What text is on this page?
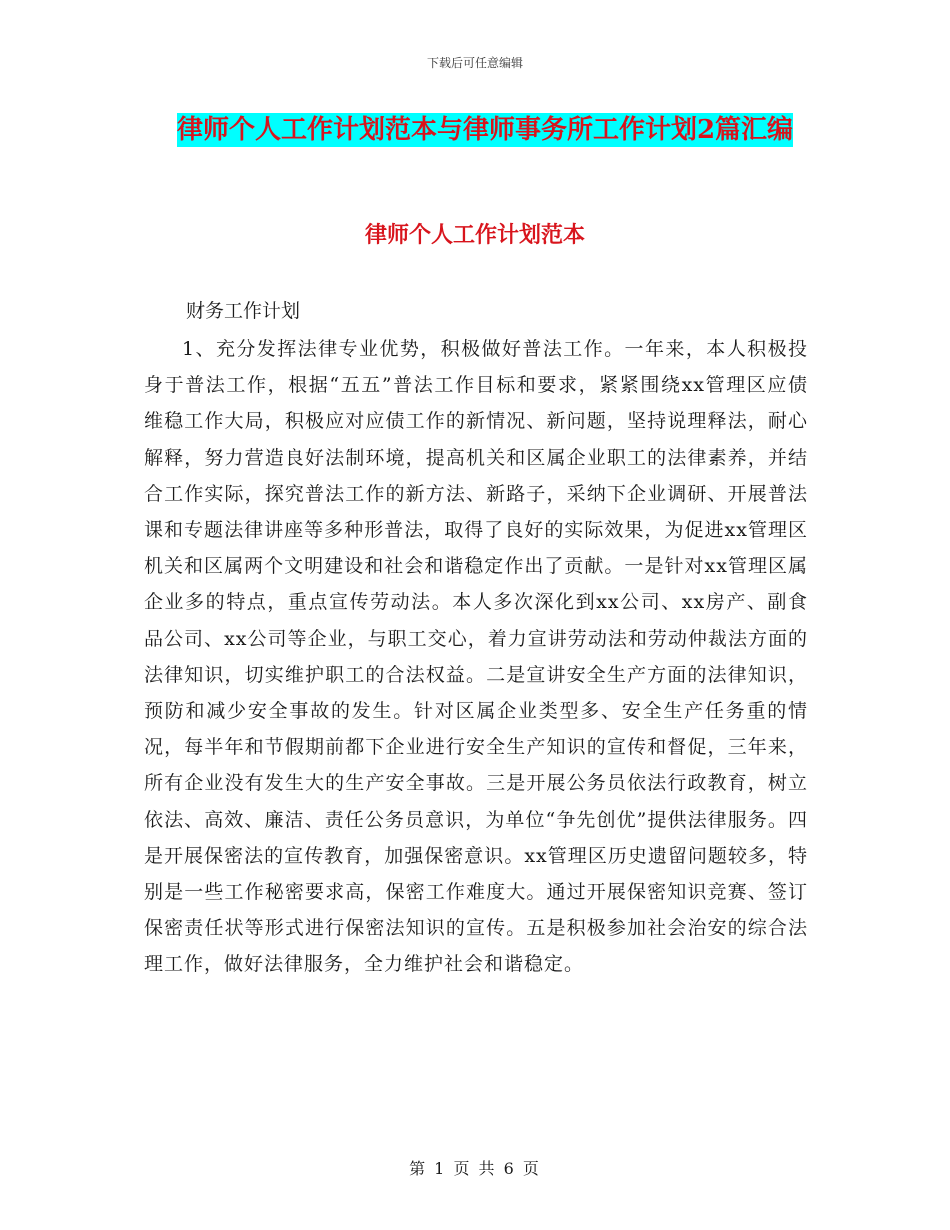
下载后可任意编辑
律师个人工作计划范本与律师事务所工作计划2篇汇编
律师个人工作计划范本
财务工作计划
1、充分发挥法律专业优势，积极做好普法工作。一年来，本人积极投身于普法工作，根据“五五”普法工作目标和要求，紧紧围绕xx管理区应债维稳工作大局，积极应对应债工作的新情况、新问题，坚持说理释法，耐心解释，努力营造良好法制环境，提高机关和区属企业职工的法律素养，并结合工作实际，探究普法工作的新方法、新路子，采纳下企业调研、开展普法课和专题法律讲座等多种形普法，取得了良好的实际效果，为促进xx管理区机关和区属两个文明建设和社会和谐稳定作出了贡献。一是针对xx管理区属企业多的特点，重点宣传劳动法。本人多次深化到xx公司、xx房产、副食品公司、xx公司等企业，与职工交心，着力宣讲劳动法和劳动仲裁法方面的法律知识，切实维护职工的合法权益。二是宣讲安全生产方面的法律知识，预防和减少安全事故的发生。针对区属企业类型多、安全生产任务重的情况，每半年和节假期前都下企业进行安全生产知识的宣传和督促，三年来，所有企业没有发生大的生产安全事故。三是开展公务员依法行政教育，树立依法、高效、廉洁、责任公务员意识，为单位“争先创优”提供法律服务。四是开展保密法的宣传教育，加强保密意识。xx管理区历史遗留问题较多，特别是一些工作秘密要求高，保密工作难度大。通过开展保密知识竞赛、签订保密责任状等形式进行保密法知识的宣传。五是积极参加社会治安的综合法理工作，做好法律服务，全力维护社会和谐稳定。
第 1 页 共 6 页
